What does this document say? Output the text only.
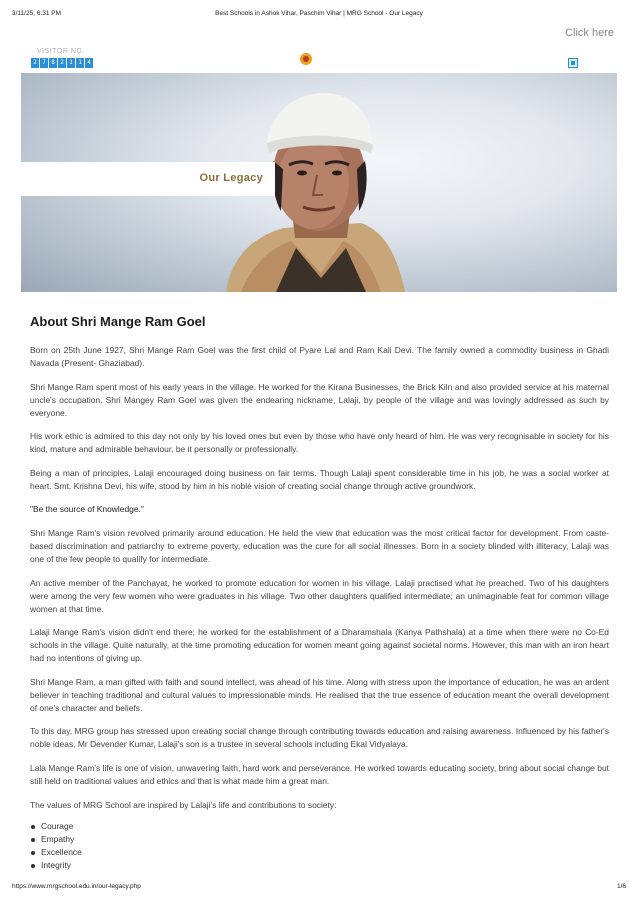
3/11/25, 6:31 PM	Best Schools in Ashok Vihar, Paschim Vihar | MRG School - Our Legacy
Click here
VISITOR NO.
2 7 8 2 1 1 4
Our Legacy
About Shri Mange Ram Goel

Born on 25th June 1927, Shri Mange Ram Goel was the first child of Pyare Lal and Ram Kali Devi. The family owned a commodity business in Ghadi Navada (Present- Ghaziabad).

Shri Mange Ram spent most of his early years in the village. He worked for the Kirana Businesses, the Brick Kiln and also provided service at his maternal uncle's occupation. Shri Mangey Ram Goel was given the endearing nickname, Lalaji, by people of the village and was lovingly addressed as such by everyone.

His work ethic is admired to this day not only by his loved ones but even by those who have only heard of him. He was very recognisable in society for his kind, mature and admirable behaviour, be it personally or professionally.

Being a man of principles, Lalaji encouraged doing business on fair terms. Though Lalaji spent considerable time in his job, he was a social worker at heart. Smt. Krishna Devi, his wife, stood by him in his noble vision of creating social change through active groundwork.

"Be the source of Knowledge."

Shri Mange Ram's vision revolved primarily around education. He held the view that education was the most critical factor for development. From caste-based discrimination and patriarchy to extreme poverty, education was the cure for all social illnesses. Born in a society blinded with illiteracy, Lalaji was one of the few people to qualify for intermediate.

An active member of the Panchayat, he worked to promote education for women in his village. Lalaji practised what he preached. Two of his daughters were among the very few women who were graduates in his village. Two other daughters qualified intermediate; an unimaginable feat for common village women at that time.

Lalaji Mange Ram's vision didn't end there; he worked for the establishment of a Dharamshala (Kanya Pathshala) at a time when there were no Co-Ed schools in the village. Quite naturally, at the time promoting education for women meant going against societal norms. However, this man with an iron heart had no intentions of giving up.

Shri Mange Ram, a man gifted with faith and sound intellect, was ahead of his time. Along with stress upon the importance of education, he was an ardent believer in teaching traditional and cultural values to impressionable minds. He realised that the true essence of education meant the overall development of one's character and beliefs.

To this day, MRG group has stressed upon creating social change through contributing towards education and raising awareness. Influenced by his father's noble ideas, Mr Devender Kumar, Lalaji's son is a trustee in several schools including Ekal Vidyalaya.

Lala Mange Ram's life is one of vision, unwavering faith, hard work and perseverance. He worked towards educating society, bring about social change but still held on traditional values and ethics and that is what made him a great man.

The values of MRG School are inspired by Lalaji's life and contributions to society:

Courage
Empathy
Excellence
Integrity
https://www.mrgschool.edu.in/our-legacy.php	1/6
